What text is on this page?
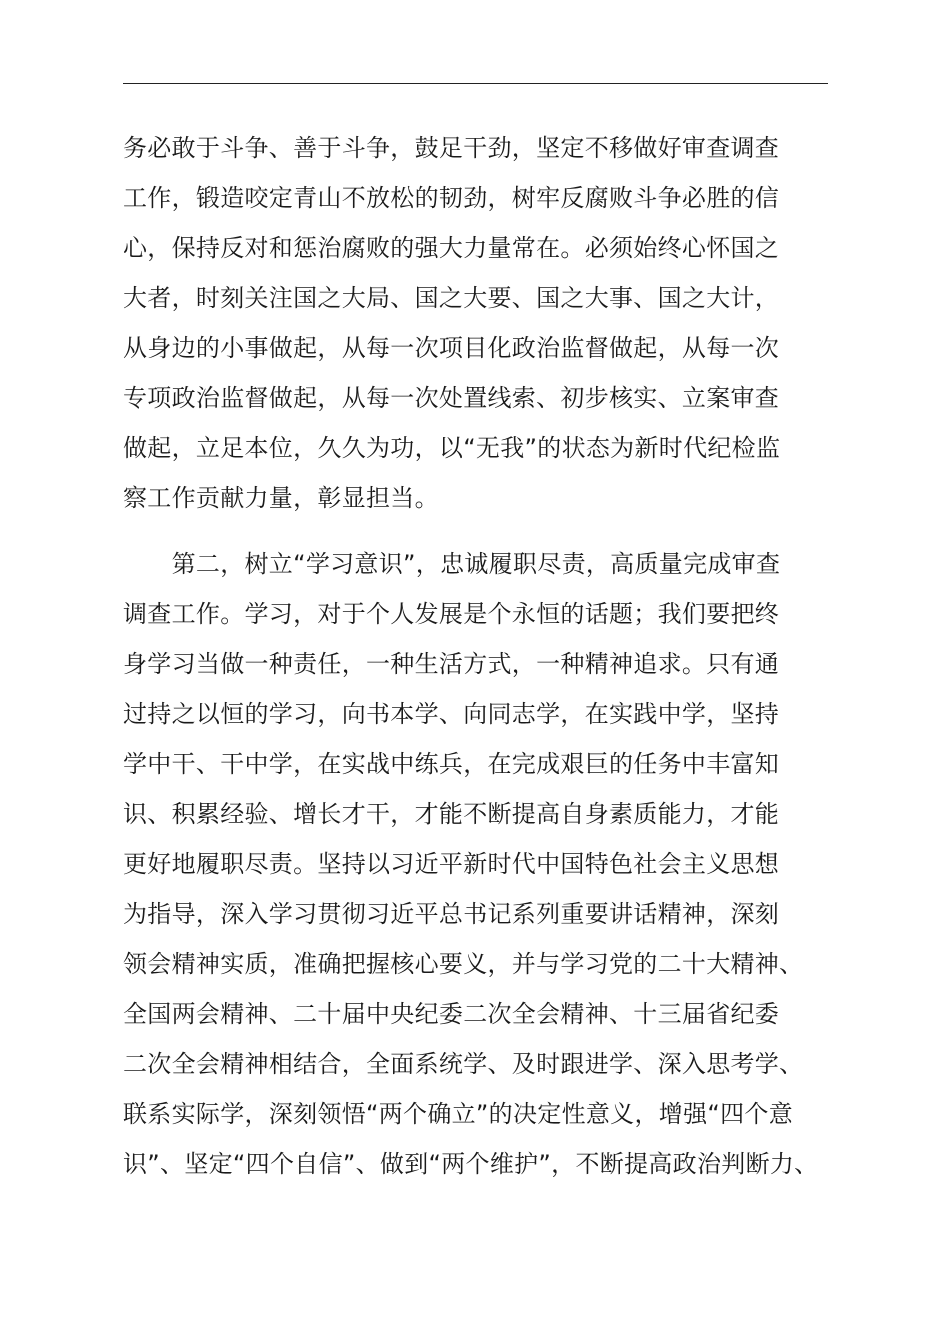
务必敢于斗争、善于斗争，鼓足干劲，坚定不移做好审查调查
工作，锻造咬定青山不放松的韧劲，树牢反腐败斗争必胜的信
心，保持反对和惩治腐败的强大力量常在。必须始终心怀国之
大者，时刻关注国之大局、国之大要、国之大事、国之大计，
从身边的小事做起，从每一次项目化政治监督做起，从每一次
专项政治监督做起，从每一次处置线索、初步核实、立案审查
做起，立足本位，久久为功，以“无我”的状态为新时代纪检监
察工作贡献力量，彰显担当。
　　第二，树立“学习意识”，忠诚履职尽责，高质量完成审查
调查工作。学习，对于个人发展是个永恒的话题；我们要把终
身学习当做一种责任，一种生活方式，一种精神追求。只有通
过持之以恒的学习，向书本学、向同志学，在实践中学，坚持
学中干、干中学，在实战中练兵，在完成艰巨的任务中丰富知
识、积累经验、增长才干，才能不断提高自身素质能力，才能
更好地履职尽责。坚持以习近平新时代中国特色社会主义思想
为指导，深入学习贯彻习近平总书记系列重要讲话精神，深刻
领会精神实质，准确把握核心要义，并与学习党的二十大精神、
全国两会精神、二十届中央纪委二次全会精神、十三届省纪委
二次全会精神相结合，全面系统学、及时跟进学、深入思考学、
联系实际学，深刻领悟“两个确立”的决定性意义，增强“四个意
识”、坚定“四个自信”、做到“两个维护”，不断提高政治判断力、
